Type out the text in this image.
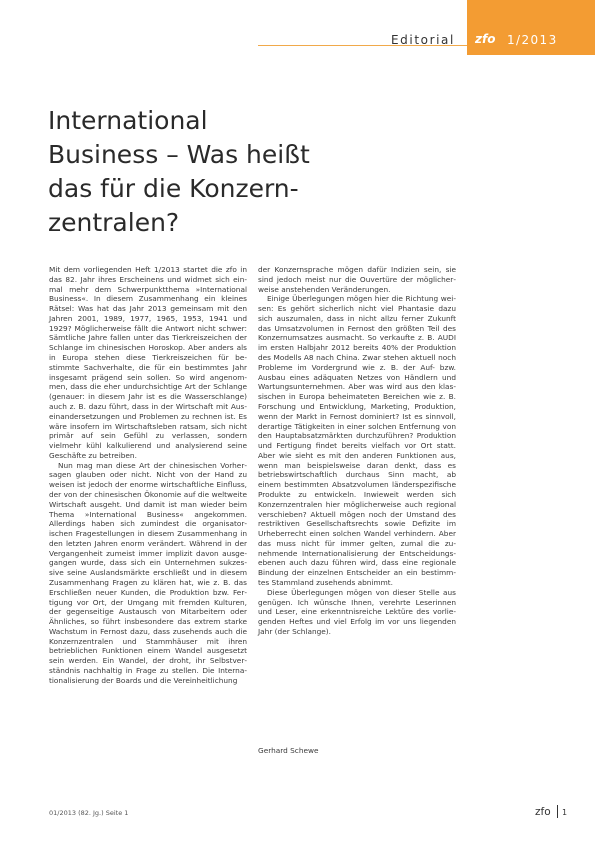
Editorial zfo 1/2013
International
Business – Was heißt
das für die Konzern-
zentralen?

Mit dem vorliegenden Heft 1/2013 startet die zfo in das 82. Jahr ihres Erscheinens und widmet sich einmal mehr dem Schwerpunktthema »International Business«. In diesem Zusammenhang ein kleines Rätsel: Was hat das Jahr 2013 gemeinsam mit den Jahren 2001, 1989, 1977, 1965, 1953, 1941 und 1929? Möglicherweise fällt die Antwort nicht schwer: Sämtliche Jahre fallen unter das Tierkreiszeichen der Schlange im chinesischen Horoskop. Aber anders als in Europa stehen diese Tierkreiszeichen für bestimmte Sachverhalte, die für ein bestimmtes Jahr insgesamt prägend sein sollen. So wird angenommen, dass die eher undurchsichtige Art der Schlange (genauer: in diesem Jahr ist es die Wasserschlange) auch z. B. dazu führt, dass in der Wirtschaft mit Auseinandersetzungen und Problemen zu rechnen ist. Es wäre insofern im Wirtschaftsleben ratsam, sich nicht primär auf sein Gefühl zu verlassen, sondern vielmehr kühl kalkulierend und analysierend seine Geschäfte zu betreiben.

Nun mag man diese Art der chinesischen Vorhersagen glauben oder nicht. Nicht von der Hand zu weisen ist jedoch der enorme wirtschaftliche Einfluss, der von der chinesischen Ökonomie auf die weltweite Wirtschaft ausgeht. Und damit ist man wieder beim Thema »International Business« angekommen. Allerdings haben sich zumindest die organisatorischen Fragestellungen in diesem Zusammenhang in den letzten Jahren enorm verändert. Während in der Vergangenheit zumeist immer implizit davon ausgegangen wurde, dass sich ein Unternehmen sukzessive seine Auslandsmärkte erschließt und in diesem Zusammenhang Fragen zu klären hat, wie z. B. das Erschließen neuer Kunden, die Produktion bzw. Fertigung vor Ort, der Umgang mit fremden Kulturen, der gegenseitige Austausch von Mitarbeitern oder Ähnliches, so führt insbesondere das extrem starke Wachstum in Fernost dazu, dass zusehends auch die Konzernzentralen und Stammhäuser mit ihren betrieblichen Funktionen einem Wandel ausgesetzt sein werden. Ein Wandel, der droht, ihr Selbstverständnis nachhaltig in Frage zu stellen. Die Internationalisierung der Boards und die Vereinheitlichung

der Konzernsprache mögen dafür Indizien sein, sie sind jedoch meist nur die Ouvertüre der möglicherweise anstehenden Veränderungen.

Einige Überlegungen mögen hier die Richtung weisen: Es gehört sicherlich nicht viel Phantasie dazu sich auszumalen, dass in nicht allzu ferner Zukunft das Umsatzvolumen in Fernost den größten Teil des Konzernumsatzes ausmacht. So verkaufte z. B. AUDI im ersten Halbjahr 2012 bereits 40% der Produktion des Modells A8 nach China. Zwar stehen aktuell noch Probleme im Vordergrund wie z. B. der Auf- bzw. Ausbau eines adäquaten Netzes von Händlern und Wartungsunternehmen. Aber was wird aus den klassischen in Europa beheimateten Bereichen wie z. B. Forschung und Entwicklung, Marketing, Produktion, wenn der Markt in Fernost dominiert? Ist es sinnvoll, derartige Tätigkeiten in einer solchen Entfernung von den Hauptabsatzmärkten durchzuführen? Produktion und Fertigung findet bereits vielfach vor Ort statt. Aber wie sieht es mit den anderen Funktionen aus, wenn man beispielsweise daran denkt, dass es betriebswirtschaftlich durchaus Sinn macht, ab einem bestimmten Absatzvolumen länderspezifische Produkte zu entwickeln. Inwieweit werden sich Konzernzentralen hier möglicherweise auch regional verschieben? Aktuell mögen noch der Umstand des restriktiven Gesellschaftsrechts sowie Defizite im Urheberrecht einen solchen Wandel verhindern. Aber das muss nicht für immer gelten, zumal die zunehmende Internationalisierung der Entscheidungsebenen auch dazu führen wird, dass eine regionale Bindung der einzelnen Entscheider an ein bestimmtes Stammland zusehends abnimmt.

Diese Überlegungen mögen von dieser Stelle aus genügen. Ich wünsche Ihnen, verehrte Leserinnen und Leser, eine erkenntnisreiche Lektüre des vorliegenden Heftes und viel Erfolg im vor uns liegenden Jahr (der Schlange).

Gerhard Schewe
01/2013 (82. Jg.) Seite 1	zfo 1
